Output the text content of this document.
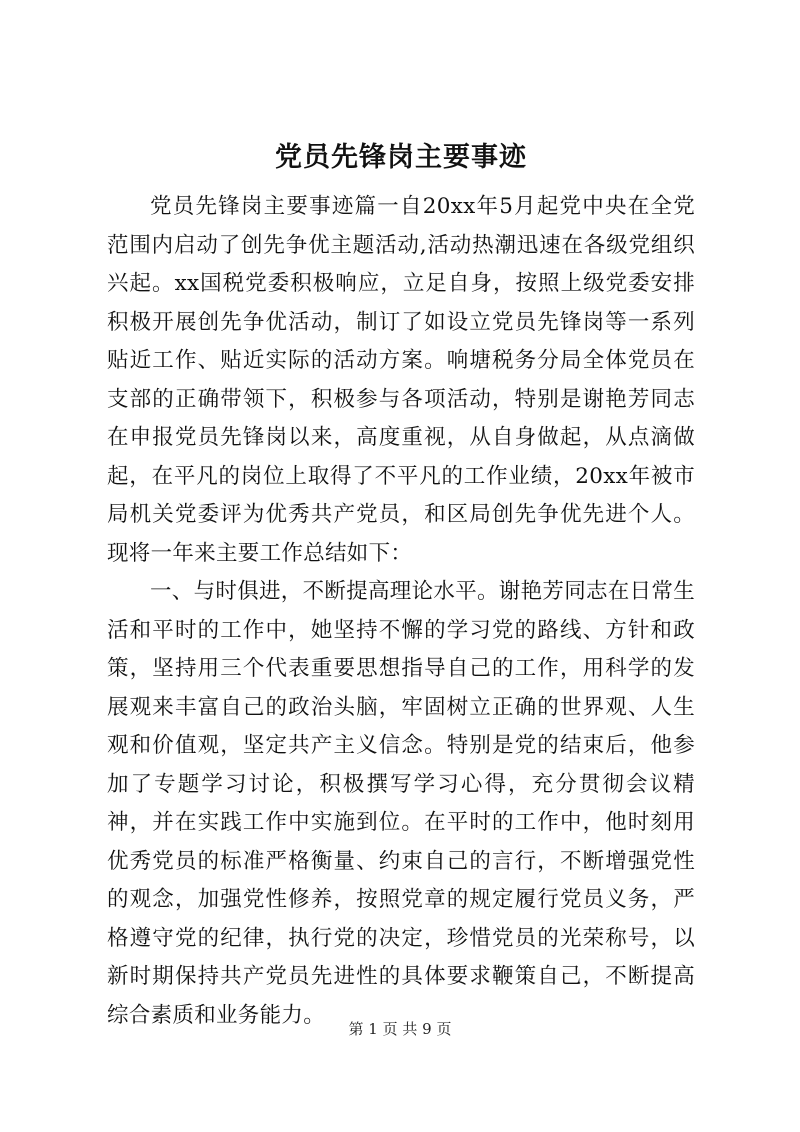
党员先锋岗主要事迹

党员先锋岗主要事迹篇一自20xx年5月起党中央在全党范围内启动了创先争优主题活动,活动热潮迅速在各级党组织兴起。xx国税党委积极响应，立足自身，按照上级党委安排积极开展创先争优活动，制订了如设立党员先锋岗等一系列贴近工作、贴近实际的活动方案。响塘税务分局全体党员在支部的正确带领下，积极参与各项活动，特别是谢艳芳同志在申报党员先锋岗以来，高度重视，从自身做起，从点滴做起，在平凡的岗位上取得了不平凡的工作业绩，20xx年被市局机关党委评为优秀共产党员，和区局创先争优先进个人。现将一年来主要工作总结如下：

一、与时俱进，不断提高理论水平。谢艳芳同志在日常生活和平时的工作中，她坚持不懈的学习党的路线、方针和政策，坚持用三个代表重要思想指导自己的工作，用科学的发展观来丰富自己的政治头脑，牢固树立正确的世界观、人生观和价值观，坚定共产主义信念。特别是党的结束后，他参加了专题学习讨论，积极撰写学习心得，充分贯彻会议精神，并在实践工作中实施到位。在平时的工作中，他时刻用优秀党员的标准严格衡量、约束自己的言行，不断增强党性的观念，加强党性修养，按照党章的规定履行党员义务，严格遵守党的纪律，执行党的决定，珍惜党员的光荣称号，以新时期保持共产党员先进性的具体要求鞭策自己，不断提高综合素质和业务能力。

第 1 页 共 9 页
